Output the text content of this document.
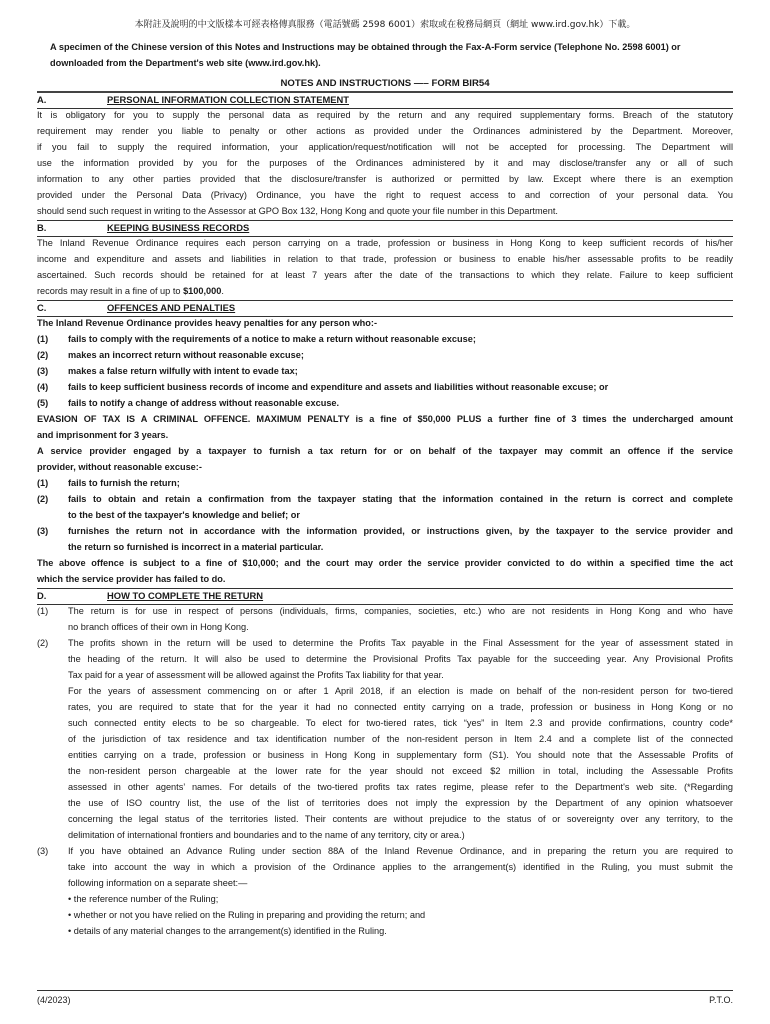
本附註及說明的中文版樣本可經表格傳真服務（電話號碼 2598 6001）索取或在稅務局網頁（網址 www.ird.gov.hk）下載。
A specimen of the Chinese version of this Notes and Instructions may be obtained through the Fax-A-Form service (Telephone No. 2598 6001) or
downloaded from the Department's web site (www.ird.gov.hk).
NOTES AND INSTRUCTIONS —– FORM BIR54
A.	PERSONAL INFORMATION COLLECTION STATEMENT
It is obligatory for you to supply the personal data as required by the return and any required supplementary forms. Breach of the statutory
requirement may render you liable to penalty or other actions as provided under the Ordinances administered by the Department. Moreover,
if you fail to supply the required information, your application/request/notification will not be accepted for processing. The Department will
use the information provided by you for the purposes of the Ordinances administered by it and may disclose/transfer any or all of such
information to any other parties provided that the disclosure/transfer is authorized or permitted by law. Except where there is an exemption
provided under the Personal Data (Privacy) Ordinance, you have the right to request access to and correction of your personal data. You
should send such request in writing to the Assessor at GPO Box 132, Hong Kong and quote your file number in this Department.
B.	KEEPING BUSINESS RECORDS
The Inland Revenue Ordinance requires each person carrying on a trade, profession or business in Hong Kong to keep sufficient records of his/her
income and expenditure and assets and liabilities in relation to that trade, profession or business to enable his/her assessable profits to be readily
ascertained. Such records should be retained for at least 7 years after the date of the transactions to which they relate. Failure to keep sufficient
records may result in a fine of up to $100,000.
C.	OFFENCES AND PENALTIES
The Inland Revenue Ordinance provides heavy penalties for any person who:-
(1) fails to comply with the requirements of a notice to make a return without reasonable excuse;
(2) makes an incorrect return without reasonable excuse;
(3) makes a false return wilfully with intent to evade tax;
(4) fails to keep sufficient business records of income and expenditure and assets and liabilities without reasonable excuse; or
(5) fails to notify a change of address without reasonable excuse.
EVASION OF TAX IS A CRIMINAL OFFENCE. MAXIMUM PENALTY is a fine of $50,000 PLUS a further fine of 3 times the undercharged amount
and imprisonment for 3 years.
A service provider engaged by a taxpayer to furnish a tax return for or on behalf of the taxpayer may commit an offence if the service
provider, without reasonable excuse:-
(1) fails to furnish the return;
(2) fails to obtain and retain a confirmation from the taxpayer stating that the information contained in the return is correct and complete
to the best of the taxpayer's knowledge and belief; or
(3) furnishes the return not in accordance with the information provided, or instructions given, by the taxpayer to the service provider and
the return so furnished is incorrect in a material particular.
The above offence is subject to a fine of $10,000; and the court may order the service provider convicted to do within a specified time the act
which the service provider has failed to do.
D.	HOW TO COMPLETE THE RETURN
(1) The return is for use in respect of persons (individuals, firms, companies, societies, etc.) who are not residents in Hong Kong and who have
no branch offices of their own in Hong Kong.
(2) The profits shown in the return will be used to determine the Profits Tax payable in the Final Assessment for the year of assessment stated in
the heading of the return. It will also be used to determine the Provisional Profits Tax payable for the succeeding year. Any Provisional Profits
Tax paid for a year of assessment will be allowed against the Profits Tax liability for that year.
For the years of assessment commencing on or after 1 April 2018, if an election is made on behalf of the non-resident person for two-tiered
rates, you are required to state that for the year it had no connected entity carrying on a trade, profession or business in Hong Kong or no
such connected entity elects to be so chargeable. To elect for two-tiered rates, tick “yes” in Item 2.3 and provide confirmations, country code*
of the jurisdiction of tax residence and tax identification number of the non-resident person in Item 2.4 and a complete list of the connected
entities carrying on a trade, profession or business in Hong Kong in supplementary form (S1). You should note that the Assessable Profits of
the non-resident person chargeable at the lower rate for the year should not exceed $2 million in total, including the Assessable Profits
assessed in other agents’ names. For details of the two-tiered profits tax rates regime, please refer to the Department's web site. (*Regarding
the use of ISO country list, the use of the list of territories does not imply the expression by the Department of any opinion whatsoever
concerning the legal status of the territories listed. Their contents are without prejudice to the status of or sovereignty over any territory, to the
delimitation of international frontiers and boundaries and to the name of any territory, city or area.)
(3) If you have obtained an Advance Ruling under section 88A of the Inland Revenue Ordinance, and in preparing the return you are required to
take into account the way in which a provision of the Ordinance applies to the arrangement(s) identified in the Ruling, you must submit the
following information on a separate sheet:—
• the reference number of the Ruling;
• whether or not you have relied on the Ruling in preparing and providing the return; and
• details of any material changes to the arrangement(s) identified in the Ruling.
(4/2023)	P.T.O.
